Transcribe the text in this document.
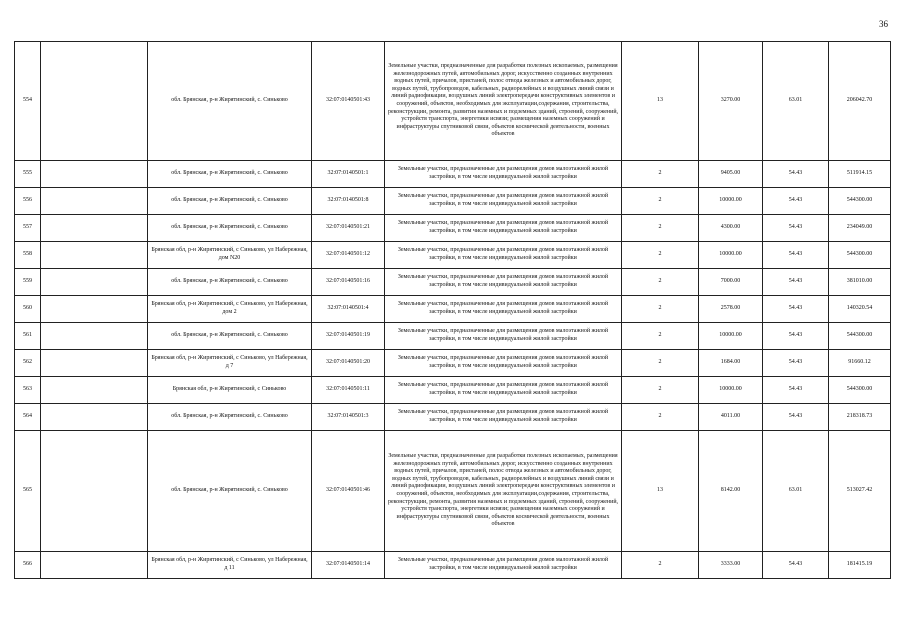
36
554		обл. Брянская, р-н Жирятинский, с. Синьково	32:07:0140501:43	Земельные участки, предназначенные для разработки полезных ископаемых, размещения железнодорожных путей, автомобильных дорог, искусственно созданных внутренних водных путей, причалов, пристаней, полос отвода железных и автомобильных дорог, водных путей, трубопроводов, кабельных, радиорелейных и воздушных линий связи и линий радиофикации, воздушных линий электропередачи конструктивных элементов и сооружений, объектов, необходимых для эксплуатации,содержания, строительства, реконструкции, ремонта, развития наземных и подземных зданий, строений, сооружений, устройств транспорта, энергетики исвязи; размещения наземных сооружений и инфраструктуры спутниковой связи, объектов космической деятельности, военных объектов	13	3270.00	63.01	206042.70
555		обл. Брянская, р-н Жирятинский, с. Синьково	32:07:0140501:1	Земельные участки, предназначенные для размещения домов малоэтажной жилой застройки, в том числе индивидуальной жилой застройки	2	9405.00	54.43	511914.15
556		обл. Брянская, р-н Жирятинский, с. Синьково	32:07:0140501:8	Земельные участки, предназначенные для размещения домов малоэтажной жилой застройки, в том числе индивидуальной жилой застройки	2	10000.00	54.43	544300.00
557		обл. Брянская, р-н Жирятинский, с. Синьково	32:07:0140501:21	Земельные участки, предназначенные для размещения домов малоэтажной жилой застройки, в том числе индивидуальной жилой застройки	2	4300.00	54.43	234049.00
558		Брянская обл, р-н Жирятинский, с Синьково, ул Набережная, дом N20	32:07:0140501:12	Земельные участки, предназначенные для размещения домов малоэтажной жилой застройки, в том числе индивидуальной жилой застройки	2	10000.00	54.43	544300.00
559		обл. Брянская, р-н Жирятинский, с. Синьково	32:07:0140501:16	Земельные участки, предназначенные для размещения домов малоэтажной жилой застройки, в том числе индивидуальной жилой застройки	2	7000.00	54.43	381010.00
560		Брянская обл, р-н Жирятинский, с Синьково, ул Набережная, дом 2	32:07:0140501:4	Земельные участки, предназначенные для размещения домов малоэтажной жилой застройки, в том числе индивидуальной жилой застройки	2	2578.00	54.43	140320.54
561		обл. Брянская, р-н Жирятинский, с. Синьково	32:07:0140501:19	Земельные участки, предназначенные для размещения домов малоэтажной жилой застройки, в том числе индивидуальной жилой застройки	2	10000.00	54.43	544300.00
562		Брянская обл, р-н Жирятинский, с Синьково, ул Набережная, д 7	32:07:0140501:20	Земельные участки, предназначенные для размещения домов малоэтажной жилой застройки, в том числе индивидуальной жилой застройки	2	1684.00	54.43	91660.12
563		Брянская обл, р-н Жирятинский, с Синьково	32:07:0140501:11	Земельные участки, предназначенные для размещения домов малоэтажной жилой застройки, в том числе индивидуальной жилой застройки	2	10000.00	54.43	544300.00
564		обл. Брянская, р-н Жирятинский, с. Синьково	32:07:0140501:3	Земельные участки, предназначенные для размещения домов малоэтажной жилой застройки, в том числе индивидуальной жилой застройки	2	4011.00	54.43	218318.73
565		обл. Брянская, р-н Жирятинский, с. Синьково	32:07:0140501:46	Земельные участки, предназначенные для разработки полезных ископаемых, размещения железнодорожных путей, автомобильных дорог, искусственно созданных внутренних водных путей, причалов, пристаней, полос отвода железных и автомобильных дорог, водных путей, трубопроводов, кабельных, радиорелейных и воздушных линий связи и линий радиофикации, воздушных линий электропередачи конструктивных элементов и сооружений, объектов, необходимых для эксплуатации,содержания, строительства, реконструкции, ремонта, развития наземных и подземных зданий, строений, сооружений, устройств транспорта, энергетики исвязи; размещения наземных сооружений и инфраструктуры спутниковой связи, объектов космической деятельности, военных объектов	13	8142.00	63.01	513027.42
566		Брянская обл, р-н Жирятинский, с Синьково, ул Набережная, д 11	32:07:0140501:14	Земельные участки, предназначенные для размещения домов малоэтажной жилой застройки, в том числе индивидуальной жилой застройки	2	3333.00	54.43	181415.19
